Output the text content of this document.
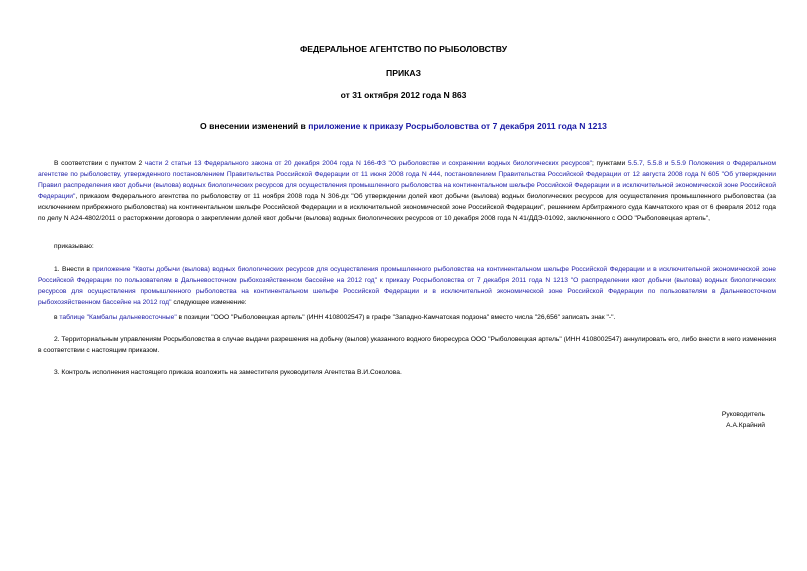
ФЕДЕРАЛЬНОЕ АГЕНТСТВО ПО РЫБОЛОВСТВУ
ПРИКАЗ
от 31 октября 2012 года N 863
О внесении изменений в приложение к приказу Росрыболовства от 7 декабря 2011 года N 1213
В соответствии с пунктом 2 части 2 статьи 13 Федерального закона от 20 декабря 2004 года N 166-ФЗ "О рыболовстве и сохранении водных биологических ресурсов"; пунктами 5.5.7, 5.5.8 и 5.5.9 Положения о Федеральном агентстве по рыболовству, утвержденного постановлением Правительства Российской Федерации от 11 июня 2008 года N 444, постановлением Правительства Российской Федерации от 12 августа 2008 года N 605 "Об утверждении Правил распределения квот добычи (вылова) водных биологических ресурсов для осуществления промышленного рыболовства на континентальном шельфе Российской Федерации и в исключительной экономической зоне Российской Федерации", приказом Федерального агентства по рыболовству от 11 ноября 2008 года N 306-дх "Об утверждении долей квот добычи (вылова) водных биологических ресурсов для осуществления промышленного рыболовства (за исключением прибрежного рыболовства) на континентальном шельфе Российской Федерации и в исключительной экономической зоне Российской Федерации", решением Арбитражного суда Камчатского края от 6 февраля 2012 года по делу N А24-4802/2011 о расторжении договора о закреплении долей квот добычи (вылова) водных биологических ресурсов от 10 декабря 2008 года N 41/ДДЭ-01092, заключенного с ООО "Рыболовецкая артель",
приказываю:
1. Внести в приложение "Квоты добычи (вылова) водных биологических ресурсов для осуществления промышленного рыболовства на континентальном шельфе Российской Федерации и в исключительной экономической зоне Российской Федерации по пользователям в Дальневосточном рыбохозяйственном бассейне на 2012 год" к приказу Росрыболовства от 7 декабря 2011 года N 1213 "О распределении квот добычи (вылова) водных биологических ресурсов для осуществления промышленного рыболовства на континентальном шельфе Российской Федерации и в исключительной экономической зоне Российской Федерации по пользователям в Дальневосточном рыбохозяйственном бассейне на 2012 год" следующее изменение:
в таблице "Камбалы дальневосточные" в позиции "ООО "Рыболовецкая артель" (ИНН 4108002547) в графе "Западно-Камчатская подзона" вместо числа "26,656" записать знак "-".
2. Территориальным управлениям Росрыболовства в случае выдачи разрешения на добычу (вылов) указанного водного биоресурса ООО "Рыболовецкая артель" (ИНН 4108002547) аннулировать его, либо внести в него изменения в соответствии с настоящим приказом.
3. Контроль исполнения настоящего приказа возложить на заместителя руководителя Агентства В.И.Соколова.
Руководитель
А.А.Крайний
